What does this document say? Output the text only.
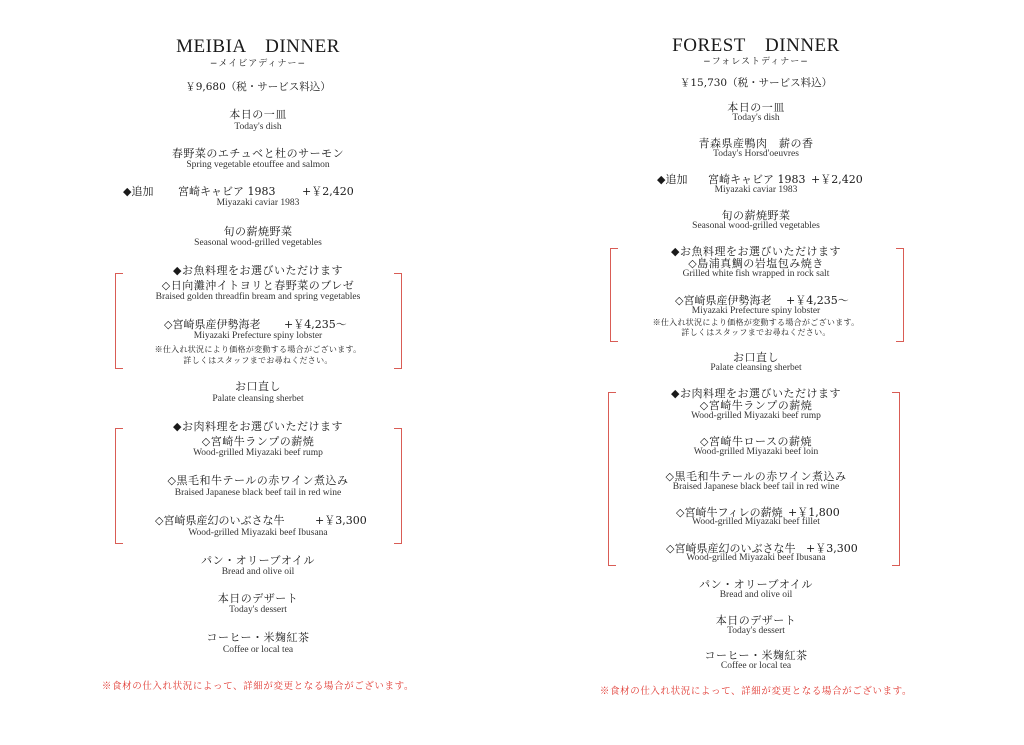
MEIBIA　DINNER
−メイビアディナー−
￥9,680（税・サービス料込）
本日の一皿
Today's dish
春野菜のエチュベと杜のサーモン
Spring vegetable etouffee and salmon
◆追加 宮崎キャビア 1983 +￥2,420
Miyazaki caviar 1983
旬の薪焼野菜
Seasonal wood-grilled vegetables
◆お魚料理をお選びいただけます
◇日向灘沖イトヨリと春野菜のブレゼ
Braised golden threadfin bream and spring vegetables
◇宮崎県産伊勢海老 +￥4,235～
Miyazaki Prefecture spiny lobster
※仕入れ状況により価格が変動する場合がございます。
詳しくはスタッフまでお尋ねください。
お口直し
Palate cleansing sherbet
◆お肉料理をお選びいただけます
◇宮崎牛ランプの薪焼
Wood-grilled Miyazaki beef rump
◇黒毛和牛テールの赤ワイン煮込み
Braised Japanese black beef tail in red wine
◇宮崎県産幻のいぶさな牛	+￥3,300
Wood-grilled Miyazaki beef Ibusana
パン・オリーブオイル
Bread and olive oil
本日のデザート
Today's dessert
コーヒー・米麹紅茶
Coffee or local tea
※食材の仕入れ状況によって、詳細が変更となる場合がございます。
FOREST　DINNER
−フォレストディナー−
￥15,730（税・サービス料込）
本日の一皿
Today's dish
青森県産鴨肉　薪の香
Today's Horsd'oeuvres
◆追加 宮崎キャビア 1983 +￥2,420
Miyazaki caviar 1983
旬の薪焼野菜
Seasonal wood-grilled vegetables
◆お魚料理をお選びいただけます
◇島浦真鯛の岩塩包み焼き
Grilled white fish wrapped in rock salt
◇宮崎県産伊勢海老 +￥4,235～
Miyazaki Prefecture spiny lobster
※仕入れ状況により価格が変動する場合がございます。
詳しくはスタッフまでお尋ねください。
お口直し
Palate cleansing sherbet
◆お肉料理をお選びいただけます
◇宮崎牛ランプの薪焼
Wood-grilled Miyazaki beef rump
◇宮崎牛ロースの薪焼
Wood-grilled Miyazaki beef loin
◇黒毛和牛テールの赤ワイン煮込み
Braised Japanese black beef tail in red wine
◇宮崎牛フィレの薪焼 +￥1,800
Wood-grilled Miyazaki beef fillet
◇宮崎県産幻のいぶさな牛 +￥3,300
Wood-grilled Miyazaki beef Ibusana
パン・オリーブオイル
Bread and olive oil
本日のデザート
Today's dessert
コーヒー・米麹紅茶
Coffee or local tea
※食材の仕入れ状況によって、詳細が変更となる場合がございます。
